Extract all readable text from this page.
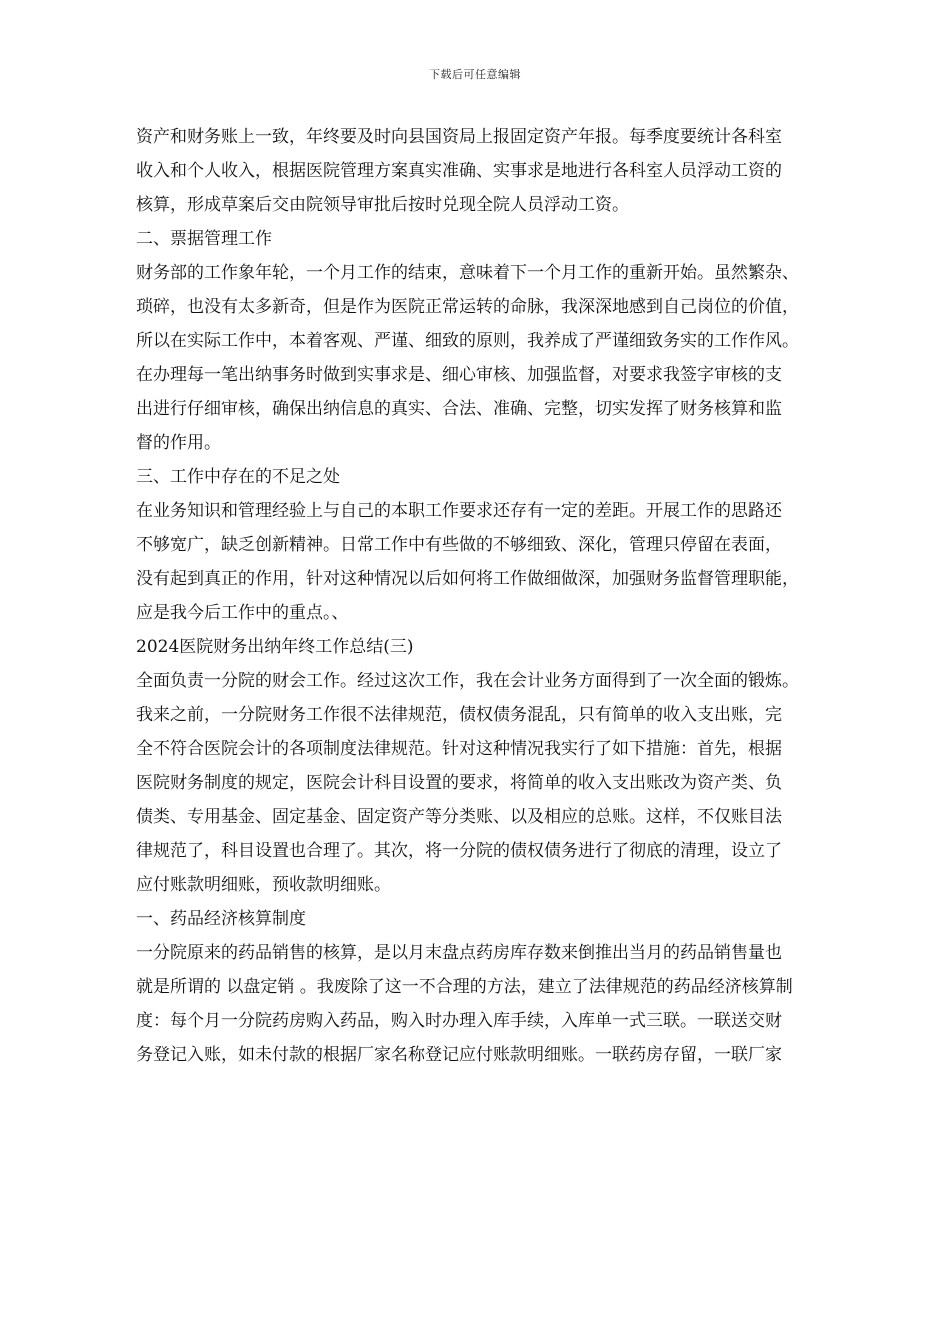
下载后可任意编辑
资产和财务账上一致，年终要及时向县国资局上报固定资产年报。每季度要统计各科室
收入和个人收入，根据医院管理方案真实准确、实事求是地进行各科室人员浮动工资的
核算，形成草案后交由院领导审批后按时兑现全院人员浮动工资。
二、票据管理工作
财务部的工作象年轮，一个月工作的结束，意味着下一个月工作的重新开始。虽然繁杂、
琐碎，也没有太多新奇，但是作为医院正常运转的命脉，我深深地感到自己岗位的价值，
所以在实际工作中，本着客观、严谨、细致的原则，我养成了严谨细致务实的工作作风。
在办理每一笔出纳事务时做到实事求是、细心审核、加强监督，对要求我签字审核的支
出进行仔细审核，确保出纳信息的真实、合法、准确、完整，切实发挥了财务核算和监
督的作用。
三、工作中存在的不足之处
在业务知识和管理经验上与自己的本职工作要求还存有一定的差距。开展工作的思路还
不够宽广，缺乏创新精神。日常工作中有些做的不够细致、深化，管理只停留在表面，
没有起到真正的作用，针对这种情况以后如何将工作做细做深，加强财务监督管理职能，
应是我今后工作中的重点。、
2024医院财务出纳年终工作总结(三)
全面负责一分院的财会工作。经过这次工作，我在会计业务方面得到了一次全面的锻炼。
我来之前，一分院财务工作很不法律规范，债权债务混乱，只有简单的收入支出账，完
全不符合医院会计的各项制度法律规范。针对这种情况我实行了如下措施：首先，根据
医院财务制度的规定，医院会计科目设置的要求，将简单的收入支出账改为资产类、负
债类、专用基金、固定基金、固定资产等分类账、以及相应的总账。这样，不仅账目法
律规范了，科目设置也合理了。其次，将一分院的债权债务进行了彻底的清理，设立了
应付账款明细账，预收款明细账。
一、药品经济核算制度
一分院原来的药品销售的核算，是以月末盘点药房库存数来倒推出当月的药品销售量也
就是所谓的 以盘定销 。我废除了这一不合理的方法，建立了法律规范的药品经济核算制
度：每个月一分院药房购入药品，购入时办理入库手续，入库单一式三联。一联送交财
务登记入账，如未付款的根据厂家名称登记应付账款明细账。一联药房存留，一联厂家
